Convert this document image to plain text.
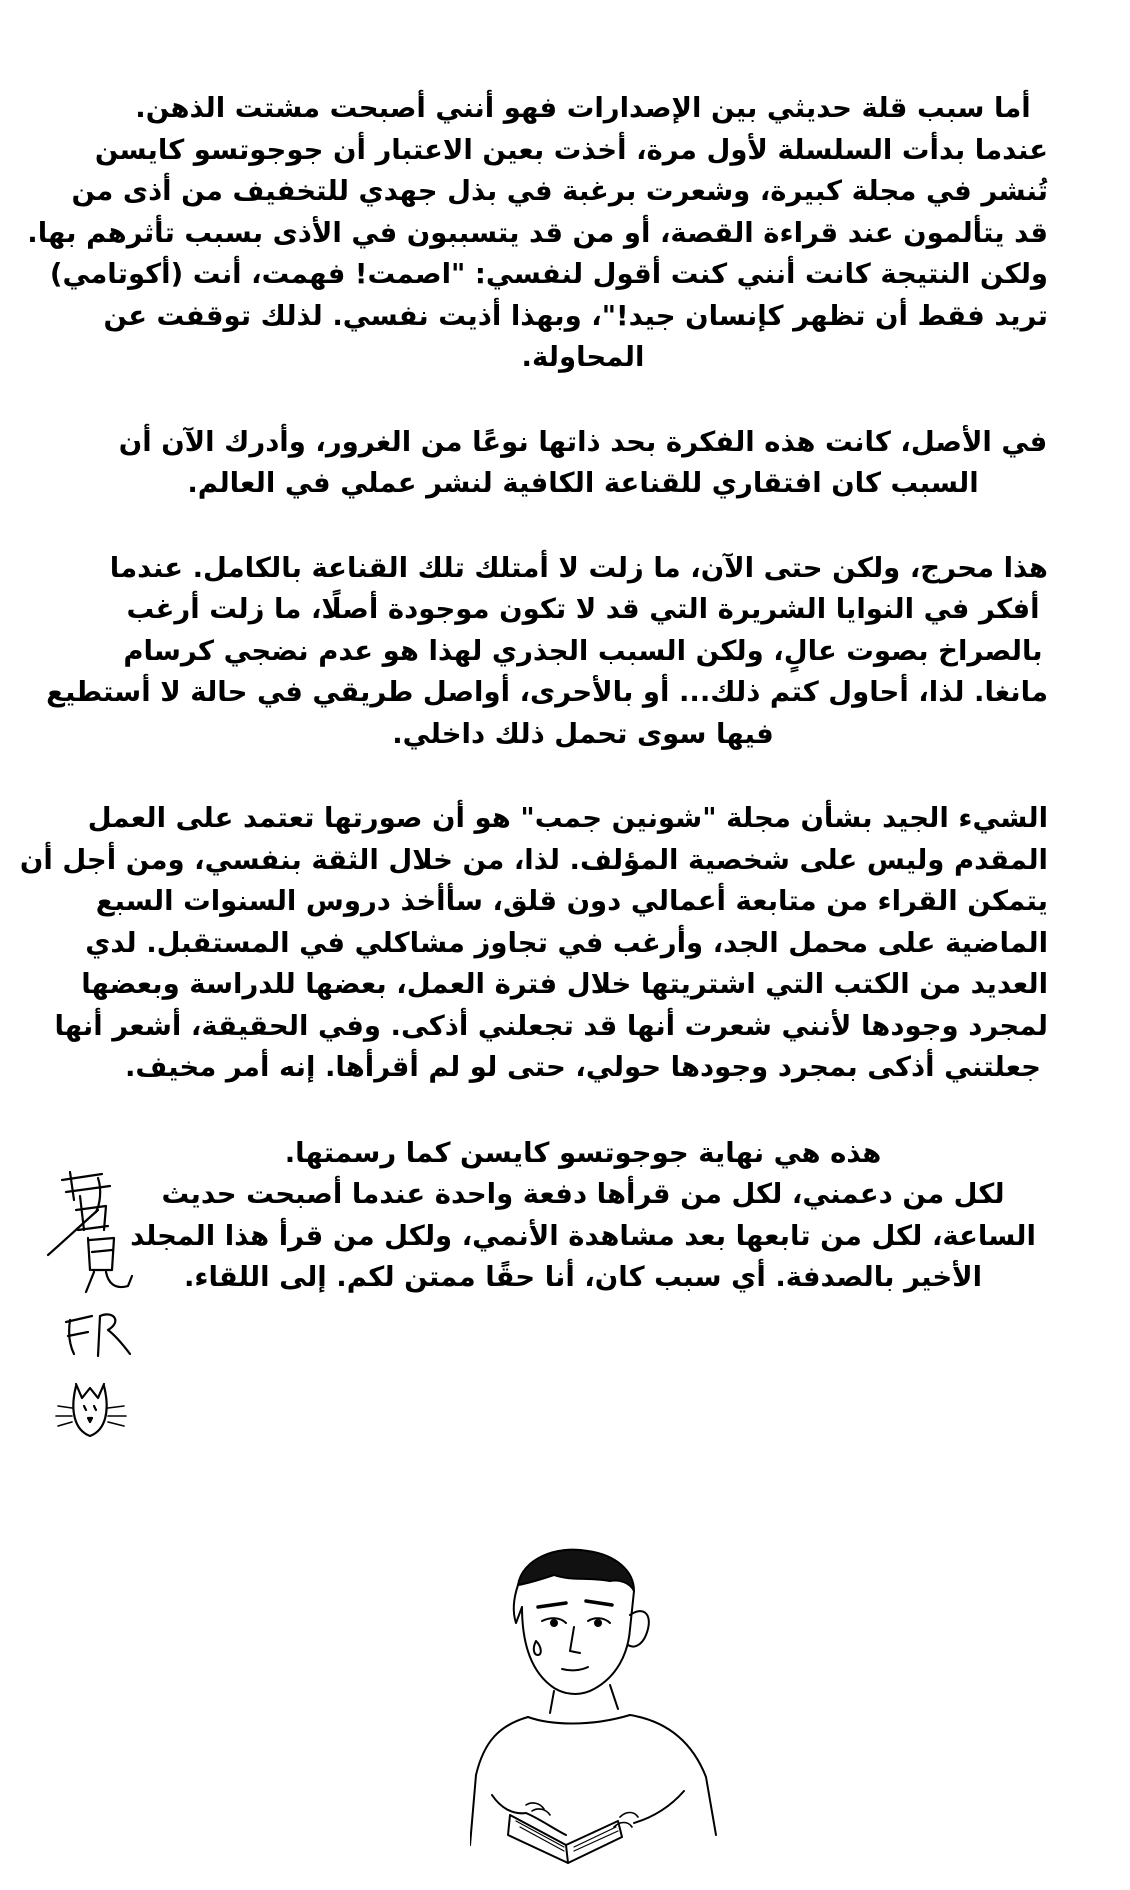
أما سبب قلة حديثي بين الإصدارات فهو أنني أصبحت مشتت الذهن.
عندما بدأت السلسلة لأول مرة، أخذت بعين الاعتبار أن جوجوتسو كايسن
تُنشر في مجلة كبيرة، وشعرت برغبة في بذل جهدي للتخفيف من أذى من
قد يتألمون عند قراءة القصة، أو من قد يتسببون في الأذى بسبب تأثرهم بها.
ولكن النتيجة كانت أنني كنت أقول لنفسي: "اصمت! فهمت، أنت (أكوتامي)
تريد فقط أن تظهر كإنسان جيد!"، وبهذا أذيت نفسي. لذلك توقفت عن
المحاولة.

في الأصل، كانت هذه الفكرة بحد ذاتها نوعًا من الغرور، وأدرك الآن أن
السبب كان افتقاري للقناعة الكافية لنشر عملي في العالم.

هذا محرج، ولكن حتى الآن، ما زلت لا أمتلك تلك القناعة بالكامل. عندما
أفكر في النوايا الشريرة التي قد لا تكون موجودة أصلًا، ما زلت أرغب
بالصراخ بصوت عالٍ، ولكن السبب الجذري لهذا هو عدم نضجي كرسام
مانغا. لذا، أحاول كتم ذلك... أو بالأحرى، أواصل طريقي في حالة لا أستطيع
فيها سوى تحمل ذلك داخلي.

الشيء الجيد بشأن مجلة "شونين جمب" هو أن صورتها تعتمد على العمل
المقدم وليس على شخصية المؤلف. لذا، من خلال الثقة بنفسي، ومن أجل أن
يتمكن القراء من متابعة أعمالي دون قلق، سأأخذ دروس السنوات السبع
الماضية على محمل الجد، وأرغب في تجاوز مشاكلي في المستقبل. لدي
العديد من الكتب التي اشتريتها خلال فترة العمل، بعضها للدراسة وبعضها
لمجرد وجودها لأنني شعرت أنها قد تجعلني أذكى. وفي الحقيقة، أشعر أنها
جعلتني أذكى بمجرد وجودها حولي، حتى لو لم أقرأها. إنه أمر مخيف.

هذه هي نهاية جوجوتسو كايسن كما رسمتها.
لكل من دعمني، لكل من قرأها دفعة واحدة عندما أصبحت حديث
الساعة، لكل من تابعها بعد مشاهدة الأنمي، ولكل من قرأ هذا المجلد
الأخير بالصدفة. أي سبب كان، أنا حقًا ممتن لكم. إلى اللقاء.
